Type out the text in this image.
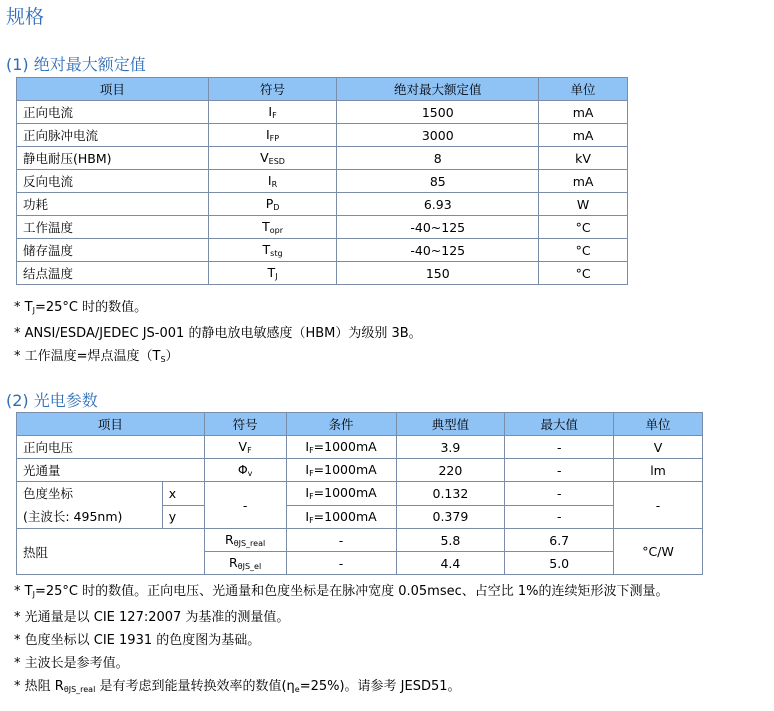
规格
(1) 绝对最大额定值
项目	符号	绝对最大额定值	单位
正向电流	$I_F$	1500	mA
正向脉冲电流	$I_{FP}$	3000	mA
静电耐压(HBM)	$V_{ESD}$	8	kV
反向电流	$I_R$	85	mA
功耗	$P_D$	6.93	W
工作温度	$T_{opr}$	-40~125	°C
储存温度	$T_{stg}$	-40~125	°C
结点温度	$T_J$	150	°C
* $T_J=25^\circ C$ 时的数值。
* ANSI/ESDA/JEDEC JS-001 的静电放电敏感度（HBM）为级别 3B。
* 工作温度=焊点温度$(T_S)$
(2) 光电参数
项目		符号	条件	典型值	最大值	单位
正向电压		$V_F$	$I_F=1000mA$	3.9	-	V
光通量		$\Phi_v$	$I_F=1000mA$	220	-	lm

色度坐标
(主波长: 495nm)	x	-	$I_F=1000mA$	0.132	-	-
	y		$I_F=1000mA$	0.379	-	
热阻		$R_{\theta JS\_real}$	-	5.8	6.7	°C/W
		$R_{\theta JS\_el}$	-	4.4	5.0	
* $T_J=25^\circ C$ 时的数值。正向电压、光通量和色度坐标是在脉冲宽度 0.05msec、占空比 1%的连续矩形波下测量。
* 光通量是以 CIE 127:2007 为基准的测量值。
* 色度坐标以 CIE 1931 的色度图为基础。
* 主波长是参考值。
* 热阻 $R_{\theta JS\_real}$ 是有考虑到能量转换效率的数值$(\eta_e=25\%)$。请参考 JESD51。
